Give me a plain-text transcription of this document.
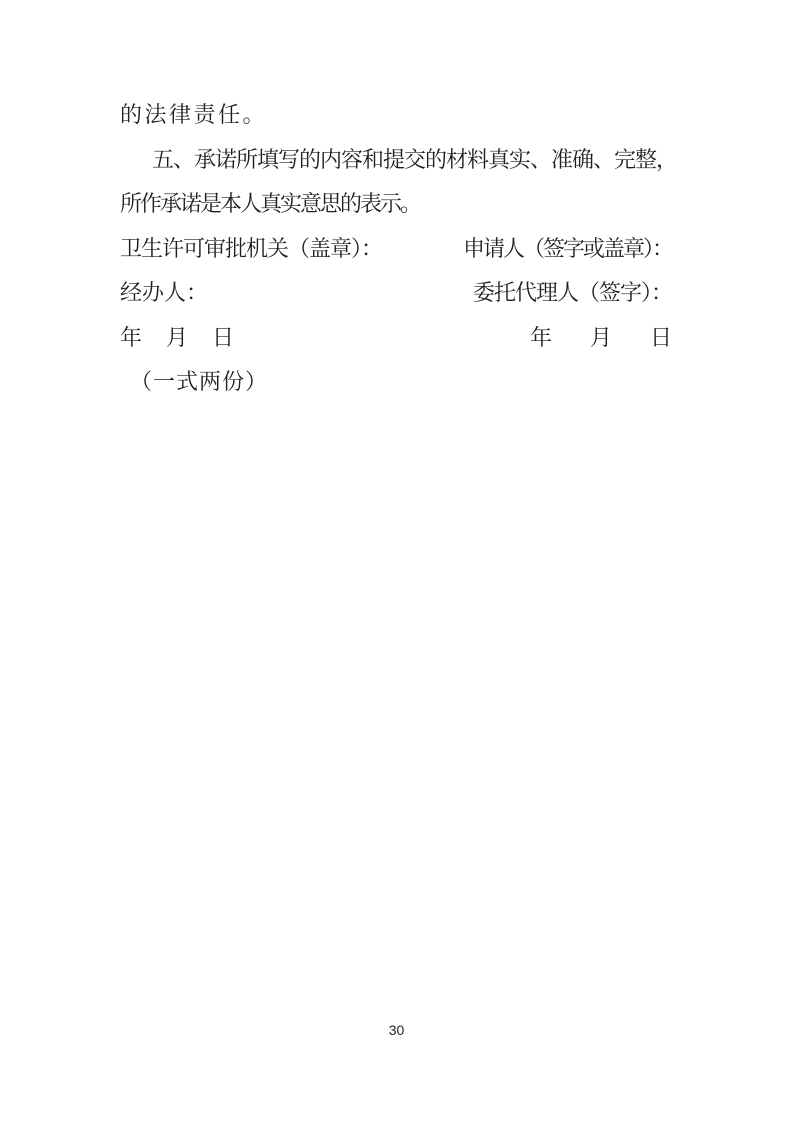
的法律责任。
五、承诺所填写的内容和提交的材料真实、准确、完整，
所作承诺是本人真实意思的表示。
卫生许可审批机关（盖章）：	申请人（签字或盖章）：
经办人：	委托代理人（签字）：
年 月 日	年 月 日
（一式两份）
30
